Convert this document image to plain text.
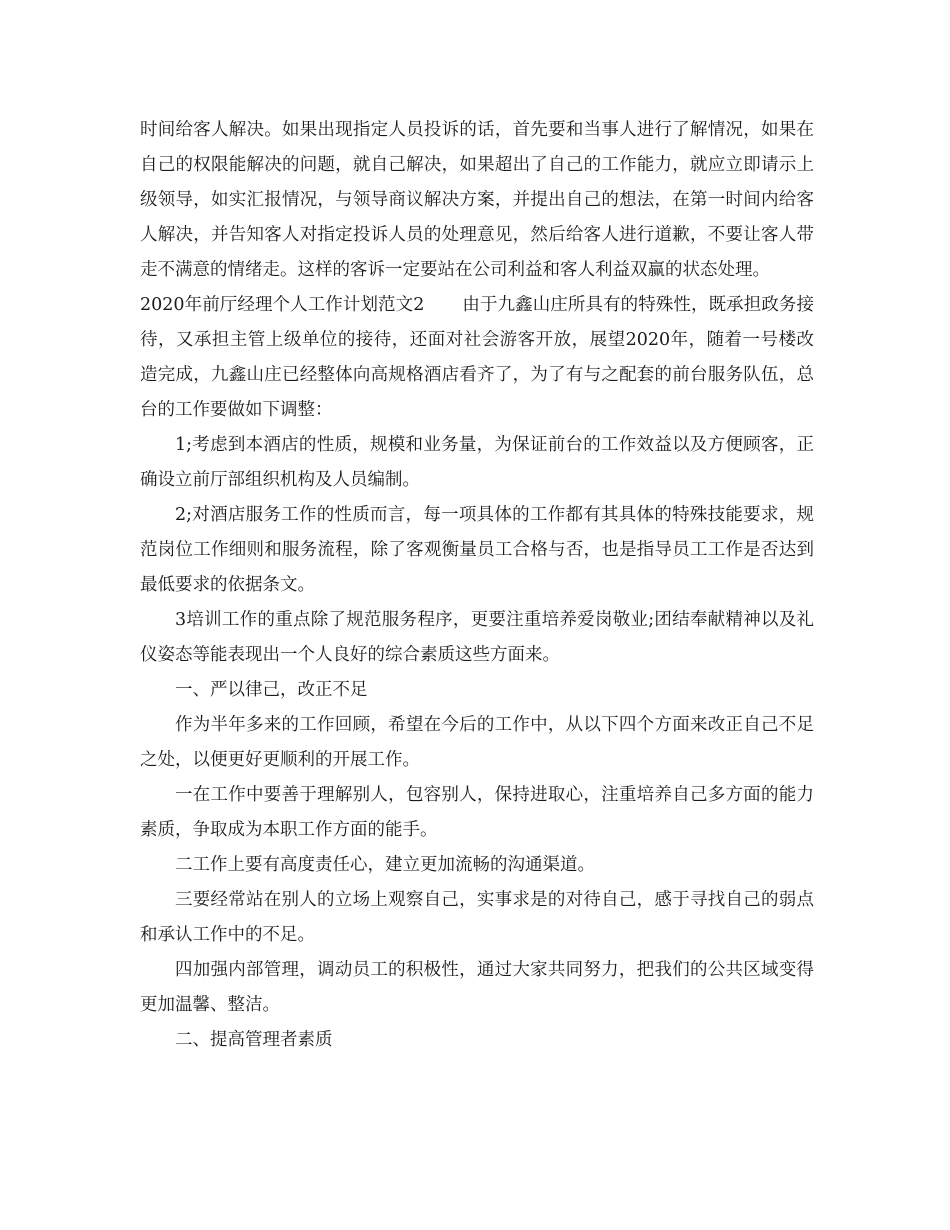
时间给客人解决。如果出现指定人员投诉的话，首先要和当事人进行了解情况，如果在自己的权限能解决的问题，就自己解决，如果超出了自己的工作能力，就应立即请示上级领导，如实汇报情况，与领导商议解决方案，并提出自己的想法，在第一时间内给客人解决，并告知客人对指定投诉人员的处理意见，然后给客人进行道歉，不要让客人带走不满意的情绪走。这样的客诉一定要站在公司利益和客人利益双赢的状态处理。

2020年前厅经理个人工作计划范文2 由于九鑫山庄所具有的特殊性，既承担政务接待，又承担主管上级单位的接待，还面对社会游客开放，展望2020年，随着一号楼改造完成，九鑫山庄已经整体向高规格酒店看齐了，为了有与之配套的前台服务队伍，总台的工作要做如下调整：

1;考虑到本酒店的性质，规模和业务量，为保证前台的工作效益以及方便顾客，正确设立前厅部组织机构及人员编制。

2;对酒店服务工作的性质而言，每一项具体的工作都有其具体的特殊技能要求，规范岗位工作细则和服务流程，除了客观衡量员工合格与否，也是指导员工工作是否达到最低要求的依据条文。

3培训工作的重点除了规范服务程序，更要注重培养爱岗敬业;团结奉献精神以及礼仪姿态等能表现出一个人良好的综合素质这些方面来。

一、严以律己，改正不足

作为半年多来的工作回顾，希望在今后的工作中，从以下四个方面来改正自己不足之处，以便更好更顺利的开展工作。

一在工作中要善于理解别人，包容别人，保持进取心，注重培养自己多方面的能力素质，争取成为本职工作方面的能手。

二工作上要有高度责任心，建立更加流畅的沟通渠道。

三要经常站在别人的立场上观察自己，实事求是的对待自己，感于寻找自己的弱点和承认工作中的不足。

四加强内部管理，调动员工的积极性，通过大家共同努力，把我们的公共区域变得更加温馨、整洁。

二、提高管理者素质
